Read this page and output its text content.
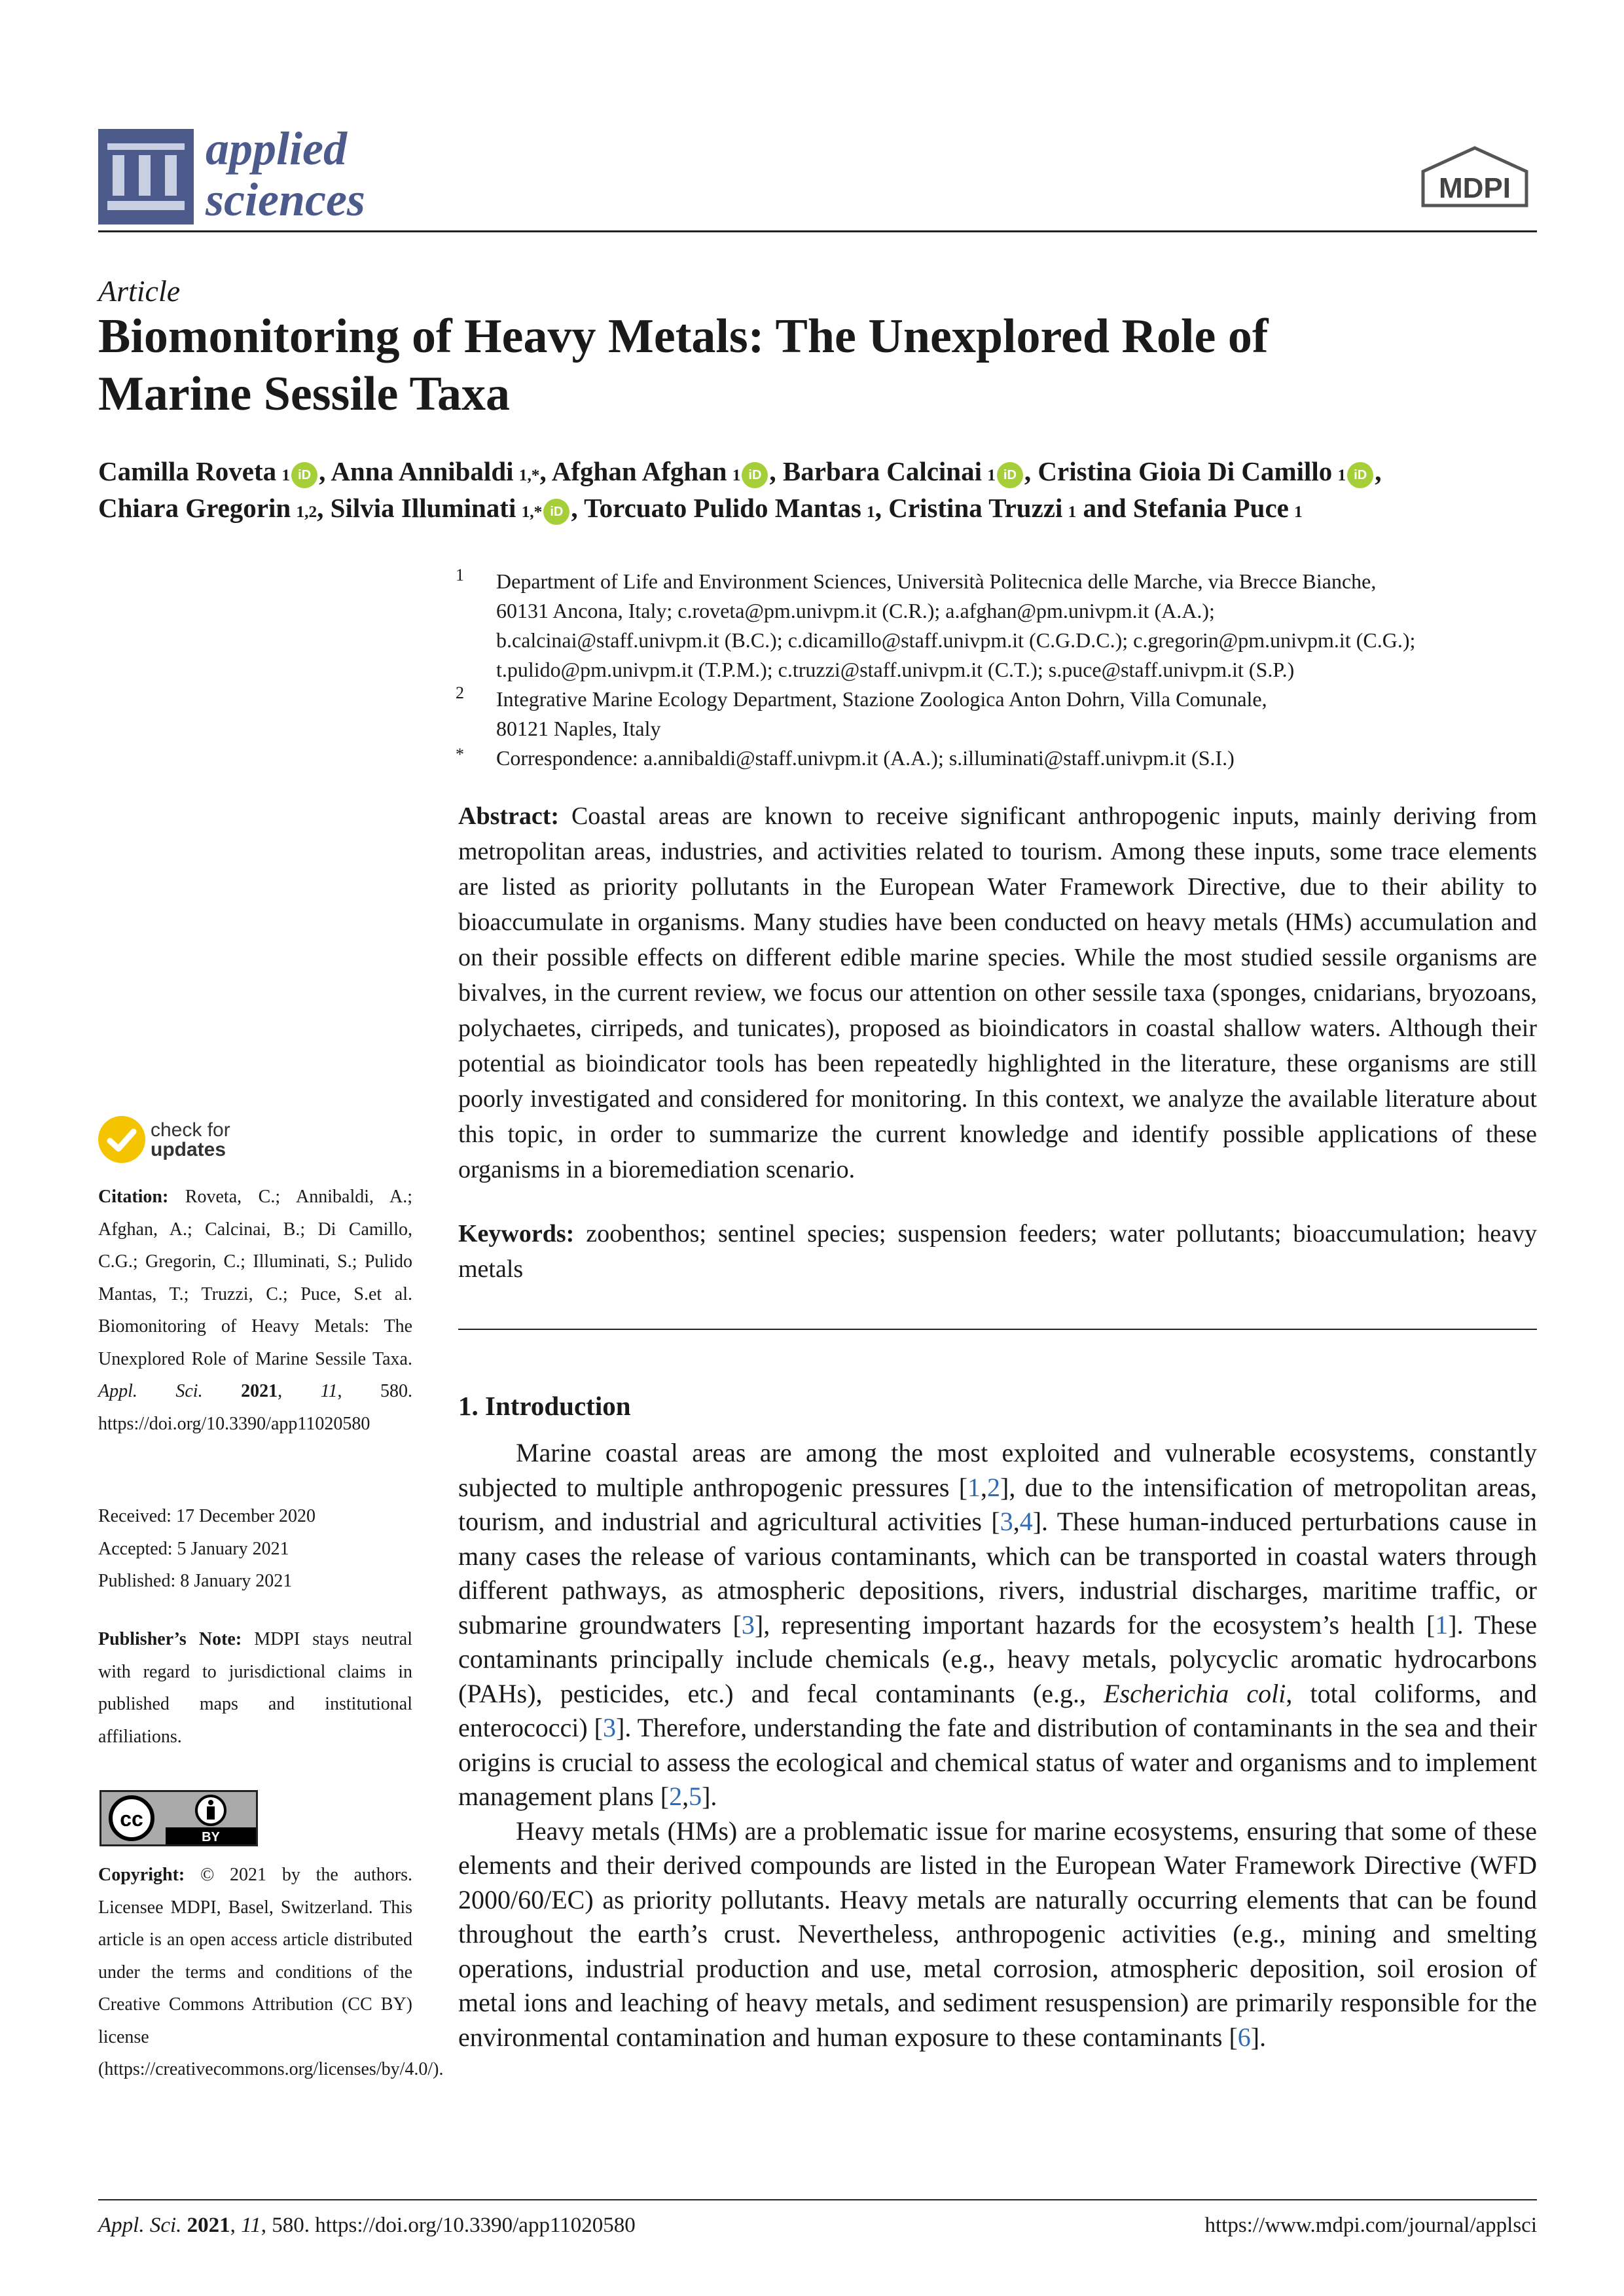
applied
sciences	MDPI
Article
Biomonitoring of Heavy Metals: The Unexplored Role of
Marine Sessile Taxa
Camilla Roveta  $^1$ iD , Anna Annibaldi  $^{1,*}$, Afghan Afghan  $^1$ iD , Barbara Calcinai  $^1$ iD , Cristina Gioia Di Camillo  $^1$ iD ,
Chiara Gregorin  $^{1,2}$, Silvia Illuminati  $^{1,*}$ iD , Torcuato Pulido Mantas  $^1$, Cristina Truzzi  $^1$ and Stefania Puce  $^1$
1 Department of Life and Environment Sciences, Università Politecnica delle Marche, via Brecce Bianche,
60131 Ancona, Italy; c.roveta@pm.univpm.it (C.R.); a.afghan@pm.univpm.it (A.A.);
b.calcinai@staff.univpm.it (B.C.); c.dicamillo@staff.univpm.it (C.G.D.C.); c.gregorin@pm.univpm.it (C.G.);
t.pulido@pm.univpm.it (T.P.M.); c.truzzi@staff.univpm.it (C.T.); s.puce@staff.univpm.it (S.P.)
2 Integrative Marine Ecology Department, Stazione Zoologica Anton Dohrn, Villa Comunale,
80121 Naples, Italy
* Correspondence: a.annibaldi@staff.univpm.it (A.A.); s.illuminati@staff.univpm.it (S.I.)

Abstract: Coastal areas are known to receive significant anthropogenic inputs, mainly deriving from metropolitan areas, industries, and activities related to tourism. Among these inputs, some trace elements are listed as priority pollutants in the European Water Framework Directive, due to their ability to bioaccumulate in organisms. Many studies have been conducted on heavy metals (HMs) accumulation and on their possible effects on different edible marine species. While the most studied sessile organisms are bivalves, in the current review, we focus our attention on other sessile taxa (sponges, cnidarians, bryozoans, polychaetes, cirripeds, and tunicates), proposed as bioindicators in coastal shallow waters. Although their potential as bioindicator tools has been repeatedly highlighted in the literature, these organisms are still poorly investigated and considered for monitoring. In this context, we analyze the available literature about this topic, in order to summarize the current knowledge and identify possible applications of these organisms in a bioremediation scenario.

Keywords: zoobenthos; sentinel species; suspension feeders; water pollutants; bioaccumulation; heavy metals

1. Introduction

Marine coastal areas are among the most exploited and vulnerable ecosystems, constantly subjected to multiple anthropogenic pressures [1,2], due to the intensification of metropolitan areas, tourism, and industrial and agricultural activities [3,4]. These human-induced perturbations cause in many cases the release of various contaminants, which can be transported in coastal waters through different pathways, as atmospheric depositions, rivers, industrial discharges, maritime traffic, or submarine groundwaters [3], representing important hazards for the ecosystem’s health [1]. These contaminants principally include chemicals (e.g., heavy metals, polycyclic aromatic hydrocarbons (PAHs), pesticides, etc.) and fecal contaminants (e.g., Escherichia coli, total coliforms, and enterococci) [3]. Therefore, understanding the fate and distribution of contaminants in the sea and their origins is crucial to assess the ecological and chemical status of water and organisms and to implement management plans [2,5].

Heavy metals (HMs) are a problematic issue for marine ecosystems, ensuring that some of these elements and their derived compounds are listed in the European Water Framework Directive (WFD 2000/60/EC) as priority pollutants. Heavy metals are naturally occurring elements that can be found throughout the earth’s crust. Nevertheless, anthropogenic activities (e.g., mining and smelting operations, industrial production and use, metal corrosion, atmospheric deposition, soil erosion of metal ions and leaching of heavy metals, and sediment resuspension) are primarily responsible for the environmental contamination and human exposure to these contaminants [6].

check for
updates

Citation: Roveta, C.; Annibaldi, A.; Afghan, A.; Calcinai, B.; Di Camillo, C.G.; Gregorin, C.; Illuminati, S.; Pulido Mantas, T.; Truzzi, C.; Puce, S.et al. Biomonitoring of Heavy Metals: The Unexplored Role of Marine Sessile Taxa. Appl. Sci. 2021, 11, 580. https://doi.org/10.3390/app11020580

Received: 17 December 2020
Accepted: 5 January 2021
Published: 8 January 2021

Publisher’s Note: MDPI stays neutral with regard to jurisdictional claims in published maps and institutional affiliations.

cc
BY

Copyright: © 2021 by the authors. Licensee MDPI, Basel, Switzerland. This article is an open access article distributed under the terms and conditions of the Creative Commons Attribution (CC BY) license (https://creativecommons.org/licenses/by/4.0/).

Appl. Sci. 2021, 11, 580. https://doi.org/10.3390/app11020580	https://www.mdpi.com/journal/applsci
